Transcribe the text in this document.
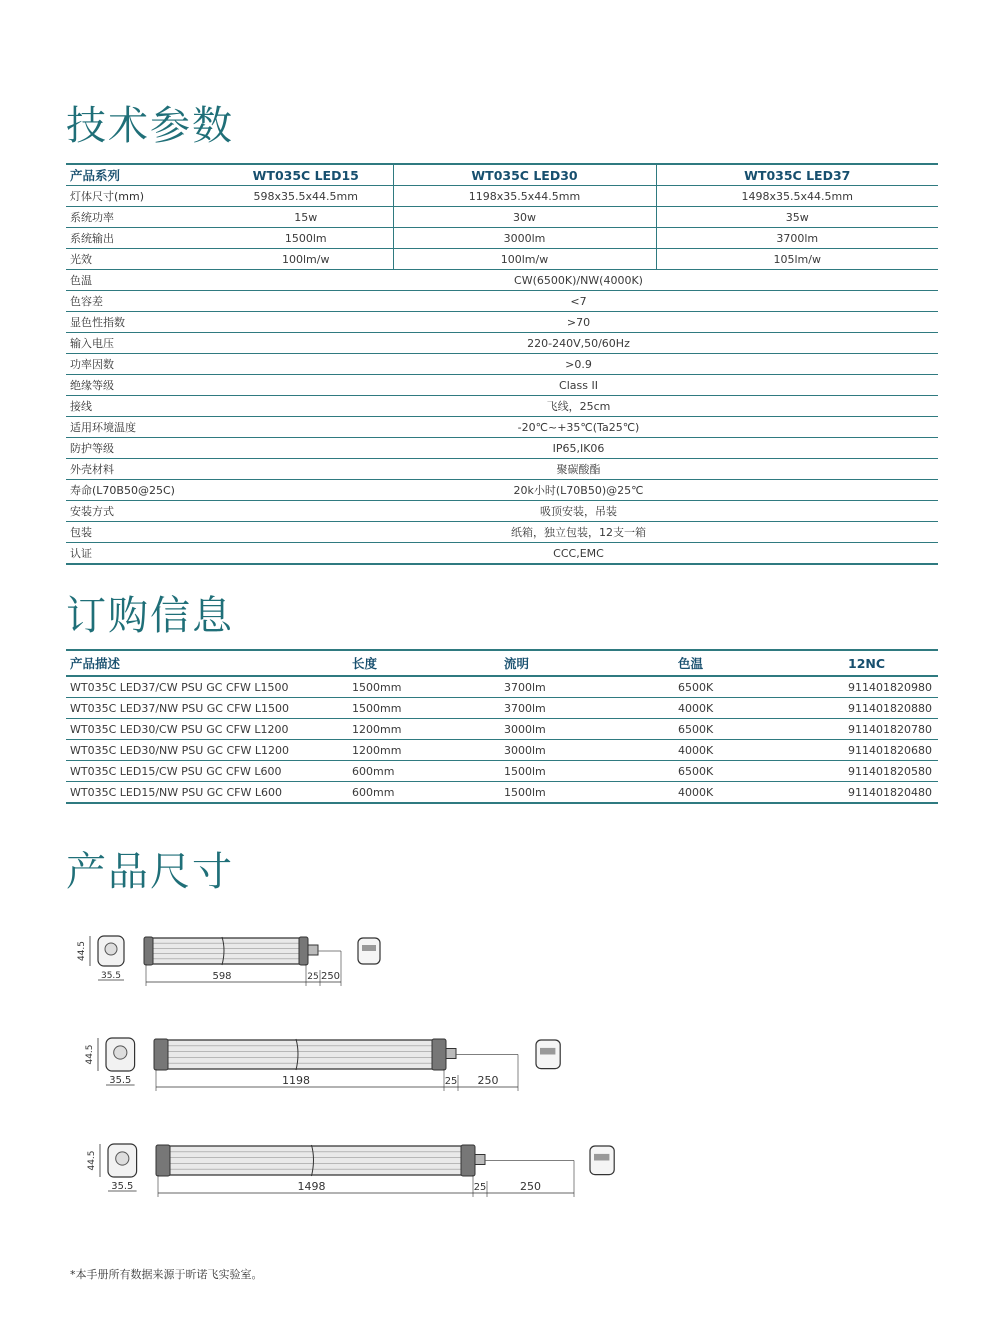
技术参数
产品系列	WT035C LED15	WT035C LED30	WT035C LED37
灯体尺寸(mm)	598x35.5x44.5mm	1198x35.5x44.5mm	1498x35.5x44.5mm
系统功率	15w	30w	35w
系统输出	1500lm	3000lm	3700lm
光效	100lm/w	100lm/w	105lm/w
色温	CW(6500K)/NW(4000K)		
色容差	<7		
显色性指数	>70		
输入电压	220-240V,50/60Hz		
功率因数	>0.9		
绝缘等级	Class II		
接线	飞线，25cm		
适用环境温度	-20℃~+35℃(Ta25℃)		
防护等级	IP65,IK06		
外壳材料	聚碳酸酯		
寿命(L70B50@25C)	20k小时(L70B50)@25℃		
安装方式	吸顶安装，吊装		
包装	纸箱，独立包装，12支一箱		
认证	CCC,EMC		
订购信息
产品描述	长度	流明	色温	12NC
WT035C LED37/CW PSU GC CFW L1500	1500mm	3700lm	6500K	911401820980
WT035C LED37/NW PSU GC CFW L1500	1500mm	3700lm	4000K	911401820880
WT035C LED30/CW PSU GC CFW L1200	1200mm	3000lm	6500K	911401820780
WT035C LED30/NW PSU GC CFW L1200	1200mm	3000lm	4000K	911401820680
WT035C LED15/CW PSU GC CFW L600	600mm	1500lm	6500K	911401820580
WT035C LED15/NW PSU GC CFW L600	600mm	1500lm	4000K	911401820480
产品尺寸
44.5
35.5	598	25 250
44.5
35.5	1198	25 250
44.5
35.5	1498	25	250
*本手册所有数据来源于昕诺飞实验室。
